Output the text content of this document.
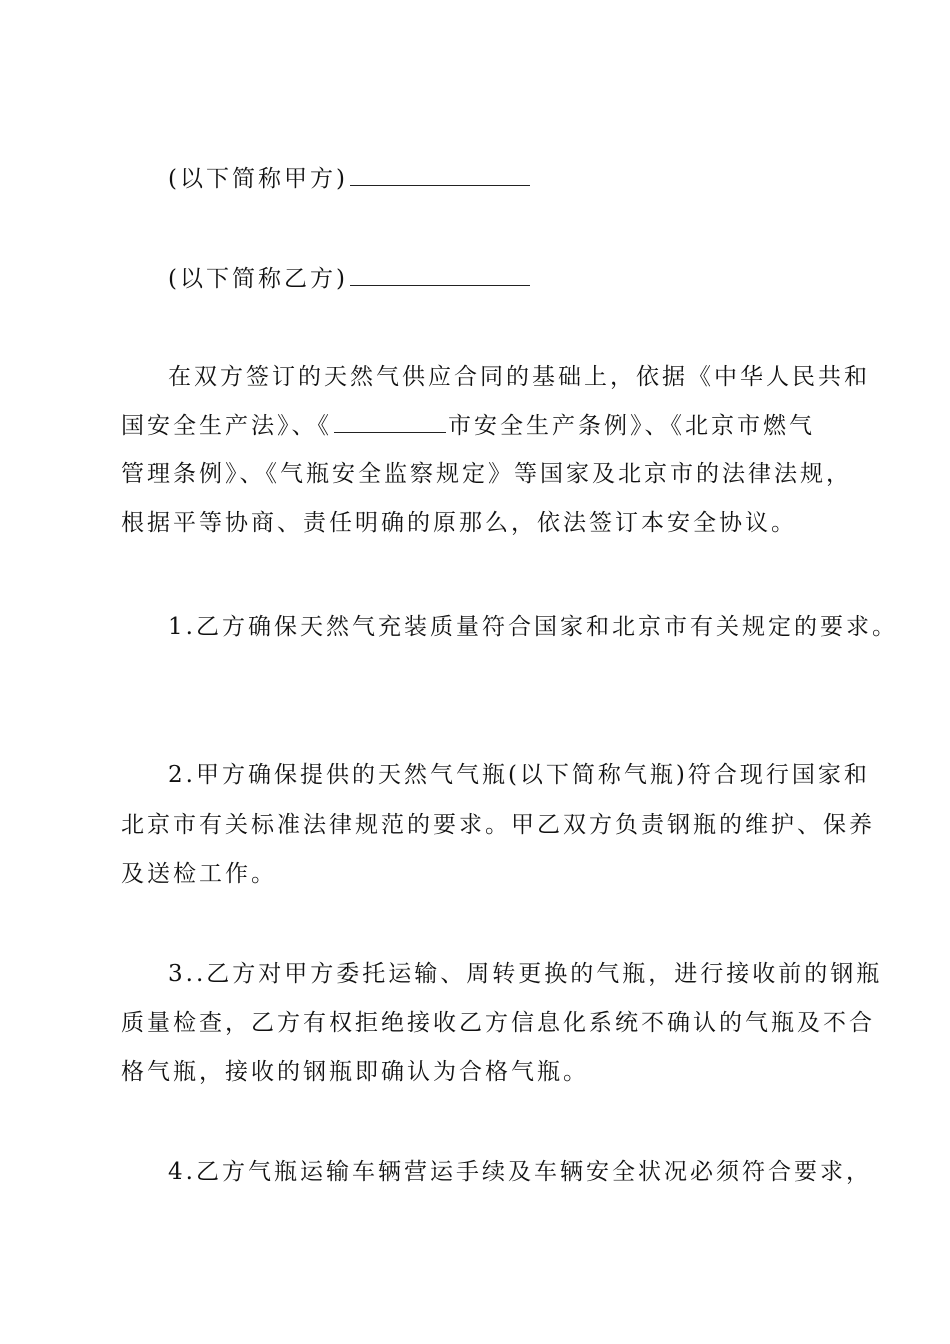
(以下简称甲方)
(以下简称乙方)
在双方签订的天然气供应合同的基础上，依据《中华人民共和
国安全生产法》、《	市安全生产条例》、《北京市燃气
管理条例》、《气瓶安全监察规定》等国家及北京市的法律法规，
根据平等协商、责任明确的原那么，依法签订本安全协议。
1.乙方确保天然气充装质量符合国家和北京市有关规定的要求。
2.甲方确保提供的天然气气瓶(以下简称气瓶)符合现行国家和
北京市有关标准法律规范的要求。甲乙双方负责钢瓶的维护、保养
及送检工作。
3..乙方对甲方委托运输、周转更换的气瓶，进行接收前的钢瓶
质量检查，乙方有权拒绝接收乙方信息化系统不确认的气瓶及不合
格气瓶，接收的钢瓶即确认为合格气瓶。
4.乙方气瓶运输车辆营运手续及车辆安全状况必须符合要求，
